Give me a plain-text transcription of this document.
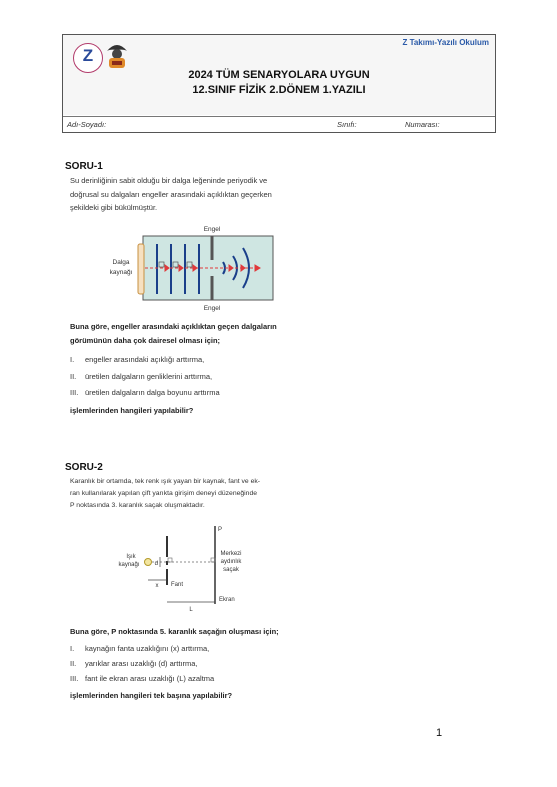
Z Takımı-Yazılı Okulum
Z
2024 TÜM SENARYOLARA UYGUN
12.SINIF FİZİK 2.DÖNEM 1.YAZILI
Adı-Soyadı:	Sınıfı:	Numarası:
SORU-1
Su derinliğinin sabit olduğu bir dalga leğeninde periyodik ve
doğrusal su dalgaları engeller arasındaki açıklıktan geçerken
şekildeki gibi bükülmüştür.
Engel
Engel
Dalga
kaynağı
Buna göre, engeller arasındaki açıklıktan geçen dalgaların
görümünün daha çok dairesel olması için;
I. engeller arasındaki açıklığı arttırma,
II. üretilen dalgaların genliklerini arttırma,
III. üretilen dalgaların dalga boyunu arttırma
işlemlerinden hangileri yapılabilir?
SORU-2
Karanlık bir ortamda, tek renk ışık yayan bir kaynak, fant ve ek-
ran kullanılarak yapılan çift yarıkta girişim deneyi düzeneğinde
P noktasında 3. karanlık saçak oluşmaktadır.
Işık
kaynağı	d
x Fant
L
P
Ekran
Merkezi
aydınlık
saçak
Buna göre, P noktasında 5. karanlık saçağın oluşması için;
I. kaynağın fanta uzaklığını (x) arttırma,
II. yarıklar arası uzaklığı (d) arttırma,
III. fant ile ekran arası uzaklığı (L) azaltma
işlemlerinden hangileri tek başına yapılabilir?
1
